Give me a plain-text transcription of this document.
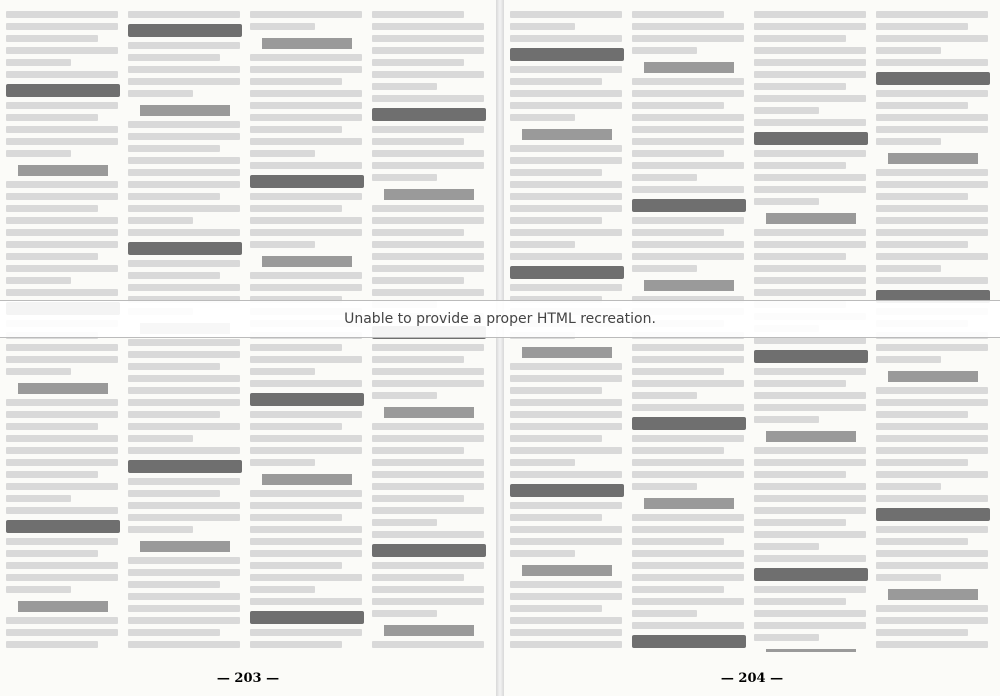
— 203 —	— 204 —
Unable to provide a proper HTML recreation.
